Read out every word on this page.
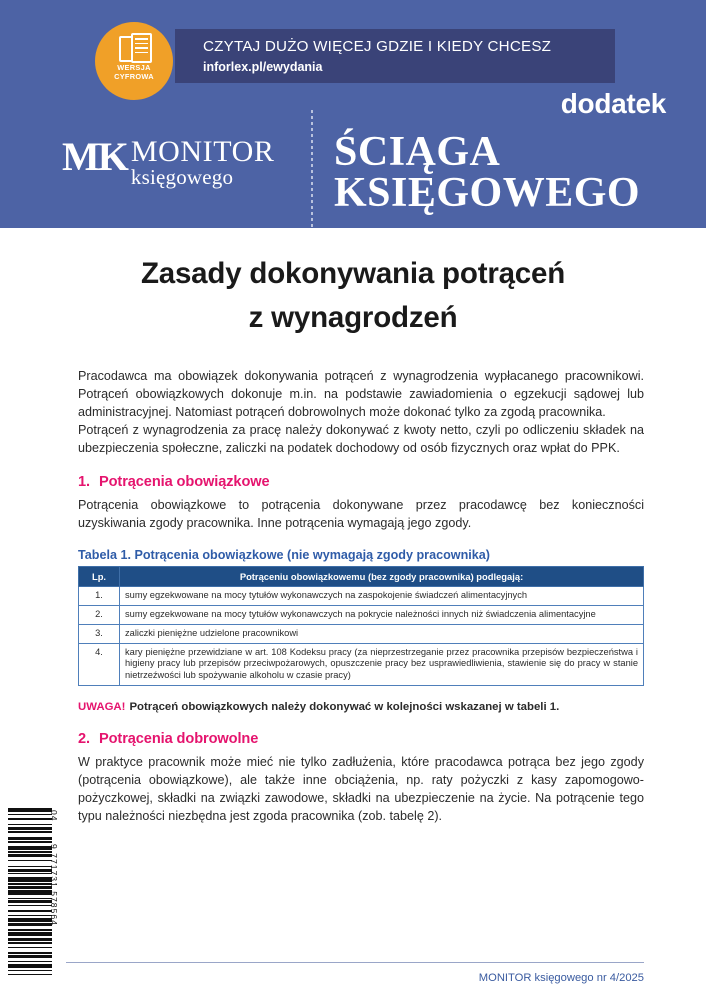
CZYTAJ DUŻO WIĘCEJ GDZIE I KIEDY CHCESZ
inforlex.pl/ewydania
WERSJA
CYFROWA
MK MONITOR
księgowego
dodatek
ŚCIĄGA
KSIĘGOWEGO
Zasady dokonywania potrąceń
z wynagrodzeń

Pracodawca ma obowiązek dokonywania potrąceń z wynagrodzenia wypłacanego pracownikowi. Potrąceń obowiązkowych dokonuje m.in. na podstawie zawiadomienia o egzekucji sądowej lub administracyjnej. Natomiast potrąceń dobrowolnych może dokonać tylko za zgodą pracownika.

Potrąceń z wynagrodzenia za pracę należy dokonywać z kwoty netto, czyli po odliczeniu składek na ubezpieczenia społeczne, zaliczki na podatek dochodowy od osób fizycznych oraz wpłat do PPK.

1. Potrącenia obowiązkowe

Potrącenia obowiązkowe to potrącenia dokonywane przez pracodawcę bez konieczności uzyskiwania zgody pracownika. Inne potrącenia wymagają jego zgody.

Tabela 1. Potrącenia obowiązkowe (nie wymagają zgody pracownika)
Lp.	Potrąceniu obowiązkowemu (bez zgody pracownika) podlegają:
1.	sumy egzekwowane na mocy tytułów wykonawczych na zaspokojenie świadczeń alimentacyjnych
2.	sumy egzekwowane na mocy tytułów wykonawczych na pokrycie należności innych niż świadczenia alimentacyjne
3.	zaliczki pieniężne udzielone pracownikowi
4.	kary pieniężne przewidziane w art. 108 Kodeksu pracy (za nieprzestrzeganie przez pracownika przepisów bezpieczeństwa i higieny pracy lub przepisów przeciwpożarowych, opuszczenie pracy bez usprawiedliwienia, stawienie się do pracy w stanie nietrzeźwości lub spożywanie alkoholu w czasie pracy)
UWAGA! Potrąceń obowiązkowych należy dokonywać w kolejności wskazanej w tabeli 1.
2. Potrącenia dobrowolne

W praktyce pracownik może mieć nie tylko zadłużenia, które pracodawca potrąca bez jego zgody (potrącenia obowiązkowe), ale także inne obciążenia, np. raty pożyczki z kasy zapomogowo-pożyczkowej, składki na związki zawodowe, składki na ubezpieczenie na życie. Na potrącenie tego typu należności niezbędna jest zgoda pracownika (zob. tabelę 2).

04
9 771731 578564
MONITOR księgowego nr 4/2025
